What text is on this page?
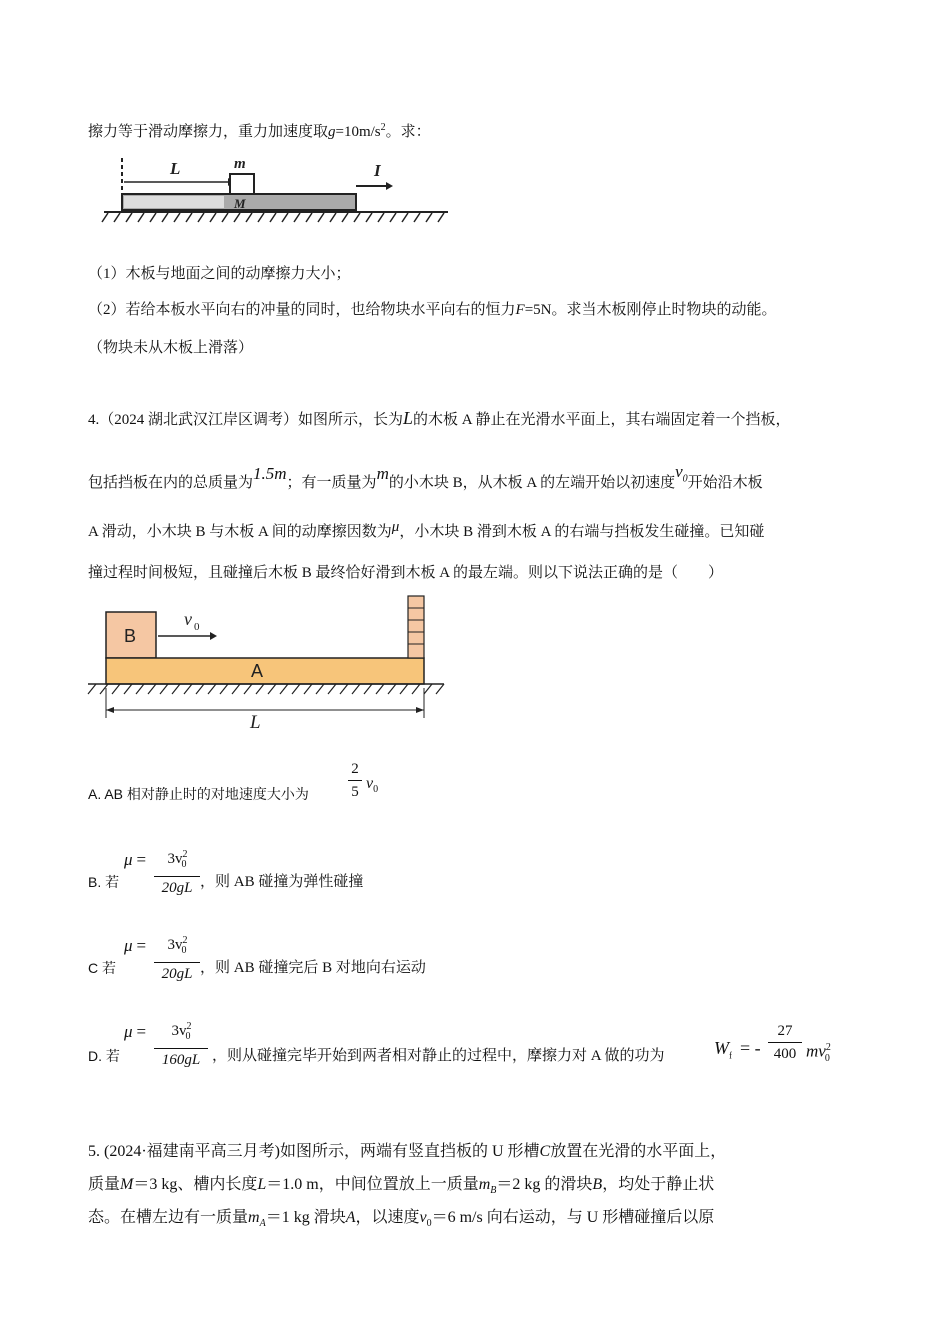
擦力等于滑动摩擦力，重力加速度取$g=10m/s^2$。求：
L	m
M
I
（1）木板与地面之间的动摩擦力大小；
（2）若给本板水平向右的冲量的同时，也给物块水平向右的恒力F=5N。求当木板刚停止时物块的动能。
（物块未从木板上滑落）
4.（2024 湖北武汉江岸区调考）如图所示，长为L的木板 A 静止在光滑水平面上，其右端固定着一个挡板，
包括挡板在内的总质量为1.5m；有一质量为m的小木块 B，从木板 A 的左端开始以初速度$v_0$开始沿木板
A 滑动，小木块 B 与木板 A 间的动摩擦因数为μ，小木块 B 滑到木板 A 的右端与挡板发生碰撞。已知碰
撞过程时间极短，且碰撞后木板 B 最终恰好滑到木板 A 的最左端。则以下说法正确的是（　　）
B
v 0
A
L
A. AB 相对静止时的对地速度大小为
2
5 $v_0$
B. 若
μ =	$3v^2_0$
20gL ，则 AB 碰撞为弹性碰撞
C 若
μ =	$3v^2_0$
20gL ，则 AB 碰撞完后 B 对地向右运动
D. 若
μ =	$3v^2_0$
160gL ，则从碰撞完毕开始到两者相对静止的过程中，摩擦力对 A 做的功为	$W_f$ = -
27
400 $mv^2_0$
5. (2024·福建南平高三月考)如图所示，两端有竖直挡板的 U 形槽C放置在光滑的水平面上，
质量M＝3 kg、槽内长度L＝1.0 m，中间位置放上一质量$m_B=2$ kg 的滑块B，均处于静止状
态。在槽左边有一质量$m_A=1$ kg 滑块A，以速度$v_0=6$ m/s 向右运动，与 U 形槽碰撞后以原
